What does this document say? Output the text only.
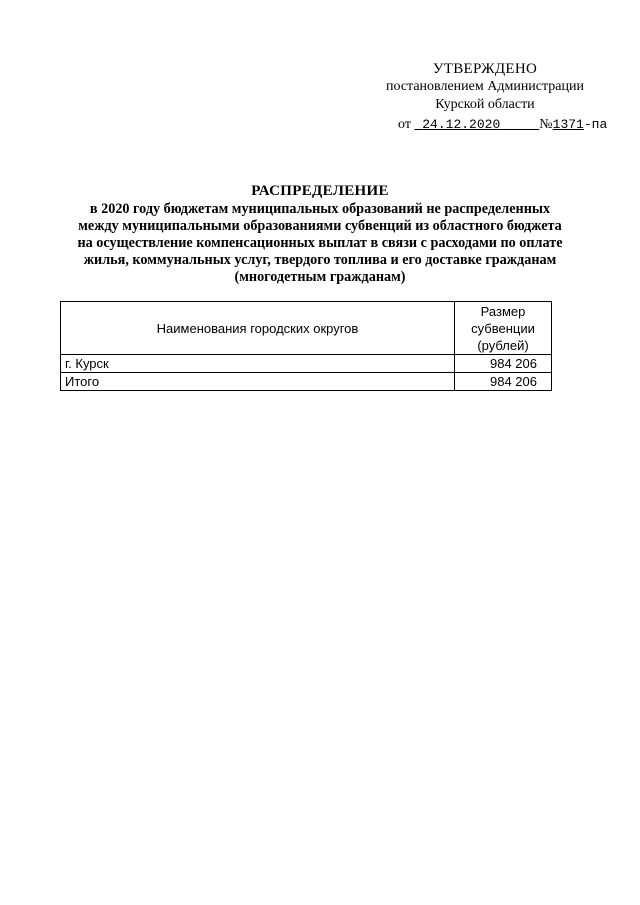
УТВЕРЖДЕНО
постановлением Администрации
Курской области
от 24.12.2020	№1371-па
РАСПРЕДЕЛЕНИЕ
в 2020 году бюджетам муниципальных образований не распределенных
между муниципальными образованиями субвенций из областного бюджета
на осуществление компенсационных выплат в связи с расходами по оплате
жилья, коммунальных услуг, твердого топлива и его доставке гражданам
(многодетным гражданам)
Наименования городских округов	Размер
субвенции
(рублей)

г. Курск	984 206
Итого	984 206
